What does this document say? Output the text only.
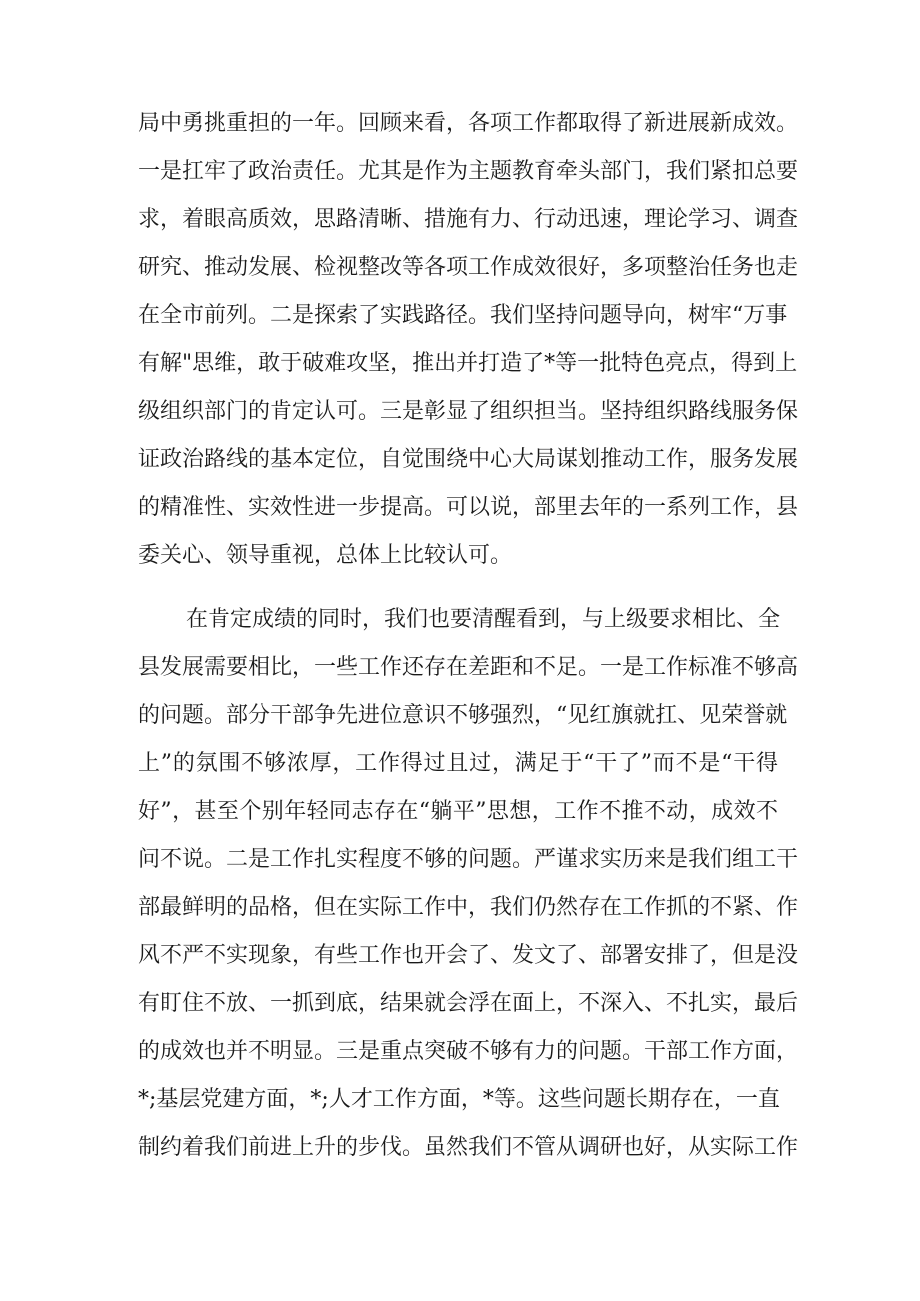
局中勇挑重担的一年。回顾来看，各项工作都取得了新进展新成效。
一是扛牢了政治责任。尤其是作为主题教育牵头部门，我们紧扣总要
求，着眼高质效，思路清晰、措施有力、行动迅速，理论学习、调查
研究、推动发展、检视整改等各项工作成效很好，多项整治任务也走
在全市前列。二是探索了实践路径。我们坚持问题导向，树牢“万事
有解"思维，敢于破难攻坚，推出并打造了*等一批特色亮点，得到上
级组织部门的肯定认可。三是彰显了组织担当。坚持组织路线服务保
证政治路线的基本定位，自觉围绕中心大局谋划推动工作，服务发展
的精准性、实效性进一步提高。可以说，部里去年的一系列工作，县
委关心、领导重视，总体上比较认可。
在肯定成绩的同时，我们也要清醒看到，与上级要求相比、全
县发展需要相比，一些工作还存在差距和不足。一是工作标准不够高
的问题。部分干部争先进位意识不够强烈，“见红旗就扛、见荣誉就
上”的氛围不够浓厚，工作得过且过，满足于“干了”而不是“干得
好”，甚至个别年轻同志存在“躺平”思想，工作不推不动，成效不
问不说。二是工作扎实程度不够的问题。严谨求实历来是我们组工干
部最鲜明的品格，但在实际工作中，我们仍然存在工作抓的不紧、作
风不严不实现象，有些工作也开会了、发文了、部署安排了，但是没
有盯住不放、一抓到底，结果就会浮在面上，不深入、不扎实，最后
的成效也并不明显。三是重点突破不够有力的问题。干部工作方面，
*;基层党建方面，*;人才工作方面，*等。这些问题长期存在，一直
制约着我们前进上升的步伐。虽然我们不管从调研也好，从实际工作
